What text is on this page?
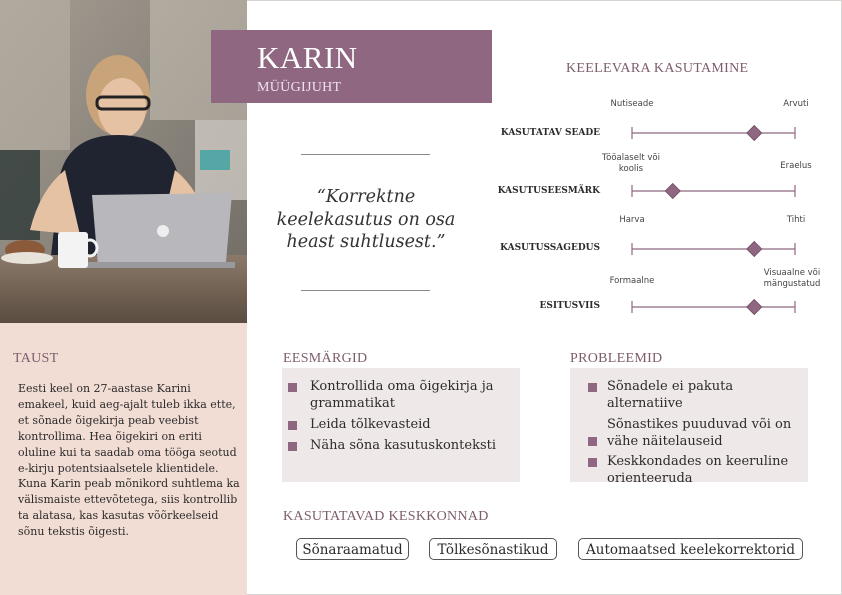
TAUST
Eesti keel on 27-aastase Karini emakeel, kuid aeg-ajalt tuleb ikka ette, et sõnade õigekirja peab veebist kontrollima. Hea õigekiri on eriti oluline kui ta saadab oma tööga seotud e-kirju potentsiaalsetele klientidele. Kuna Karin peab mõnikord suhtlema ka välismaiste ettevõtetega, siis kontrollib ta alatasa, kas kasutas võõrkeelseid sõnu tekstis õigesti.
KARIN
MÜÜGIJUHT
“Korrektne keelekasutus on osa heast suhtlusest.”
KEELEVARA KASUTAMINE
KASUTATAV SEADE
Nutiseade	Arvuti
KASUTUSEESMÄRK
Tööalaselt või koolis	Eraelus
KASUTUSSAGEDUS
Harva	Tihti
ESITUSVIIS
Formaalne
Visuaalne või mängustatud
EESMÄRGID
Kontrollida oma õigekirja ja grammatikat
Leida tõlkevasteid
Näha sõna kasutuskonteksti
PROBLEEMID
Sõnadele ei pakuta alternatiive
Sõnastikes puuduvad või on vähe näitelauseid
Keskkondades on keeruline orienteeruda
KASUTATAVAD KESKKONNAD
Sõnaraamatud	Tõlkesõnastikud	Automaatsed keelekorrektorid
